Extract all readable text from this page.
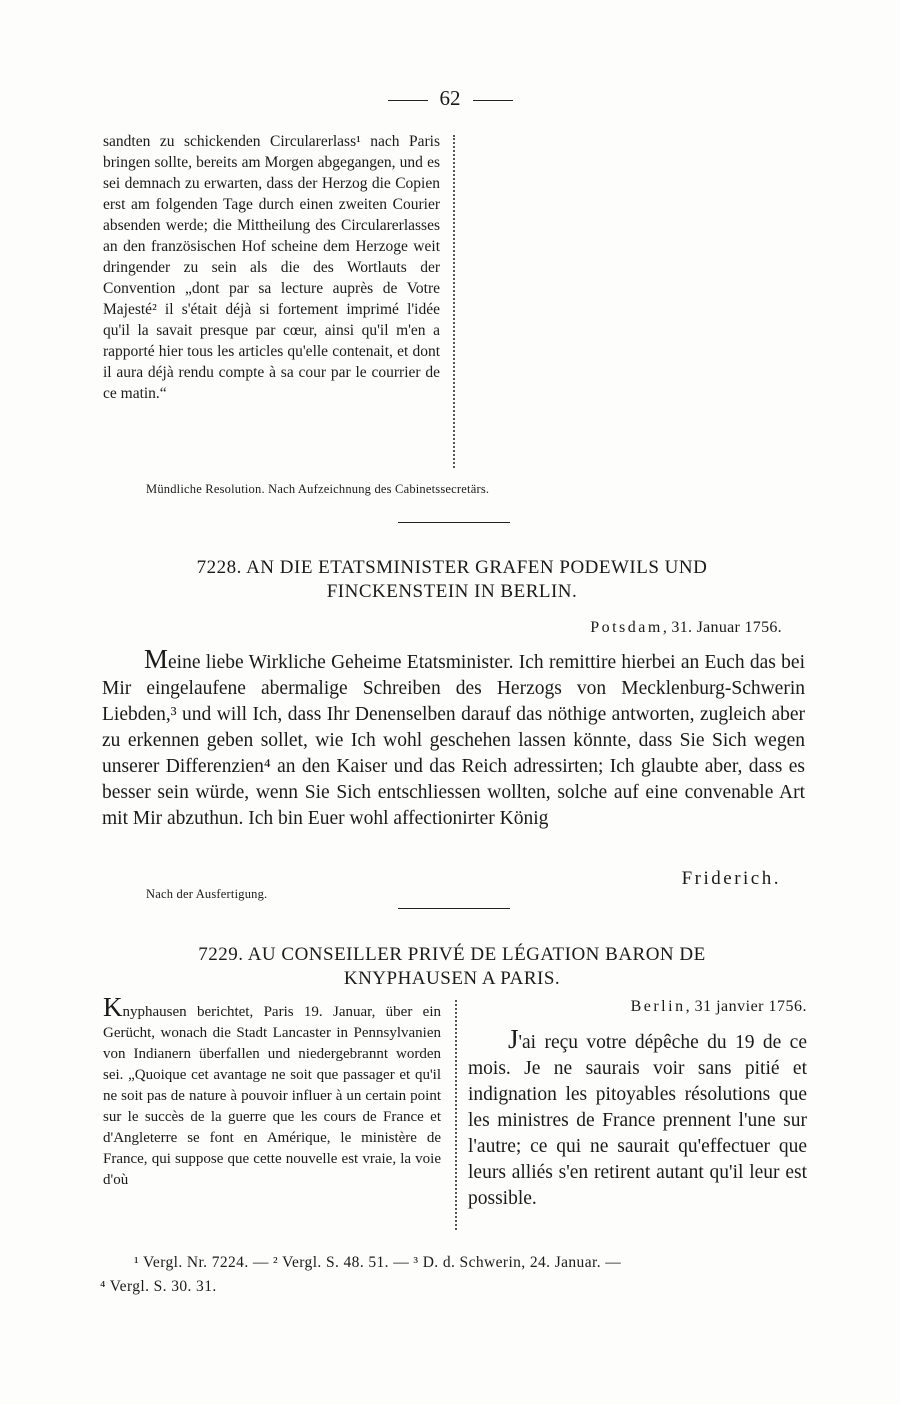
62

sandten zu schickenden Circularerlass¹ nach Paris bringen sollte, bereits am Morgen abgegangen, und es sei demnach zu erwarten, dass der Herzog die Copien erst am folgenden Tage durch einen zweiten Courier absenden werde; die Mittheilung des Circularerlasses an den französischen Hof scheine dem Herzoge weit dringender zu sein als die des Wortlauts der Convention „dont par sa lecture auprès de Votre Majesté² il s'était déjà si fortement imprimé l'idée qu'il la savait presque par cœur, ainsi qu'il m'en a rapporté hier tous les articles qu'elle contenait, et dont il aura déjà rendu compte à sa cour par le courrier de ce matin.“

Mündliche Resolution. Nach Aufzeichnung des Cabinetssecretärs.
7228. AN DIE ETATSMINISTER GRAFEN PODEWILS UND
FINCKENSTEIN IN BERLIN.
Potsdam, 31. Januar 1756.

Meine liebe Wirkliche Geheime Etatsminister. Ich remittire hierbei an Euch das bei Mir eingelaufene abermalige Schreiben des Herzogs von Mecklenburg-Schwerin Liebden,³ und will Ich, dass Ihr Denenselben darauf das nöthige antworten, zugleich aber zu erkennen geben sollet, wie Ich wohl geschehen lassen könnte, dass Sie Sich wegen unserer Differenzien⁴ an den Kaiser und das Reich adressirten; Ich glaubte aber, dass es besser sein würde, wenn Sie Sich entschliessen wollten, solche auf eine convenable Art mit Mir abzuthun. Ich bin Euer wohl affectionirter König

Friderich.
Nach der Ausfertigung.
7229. AU CONSEILLER PRIVÉ DE LÉGATION BARON DE
KNYPHAUSEN A PARIS.

Knyphausen berichtet, Paris 19. Januar, über ein Gerücht, wonach die Stadt Lancaster in Pennsylvanien von Indianern überfallen und niedergebrannt worden sei. „Quoique cet avantage ne soit que passager et qu'il ne soit pas de nature à pouvoir influer à un certain point sur le succès de la guerre que les cours de France et d'Angleterre se font en Amérique, le ministère de France, qui suppose que cette nouvelle est vraie, la voie d'où

Berlin, 31 janvier 1756.

J'ai reçu votre dépêche du 19 de ce mois. Je ne saurais voir sans pitié et indignation les pitoyables résolutions que les ministres de France prennent l'une sur l'autre; ce qui ne saurait qu'effectuer que leurs alliés s'en retirent autant qu'il leur est possible.

¹ Vergl. Nr. 7224. — ² Vergl. S. 48. 51. — ³ D. d. Schwerin, 24. Januar. —

⁴ Vergl. S. 30. 31.
